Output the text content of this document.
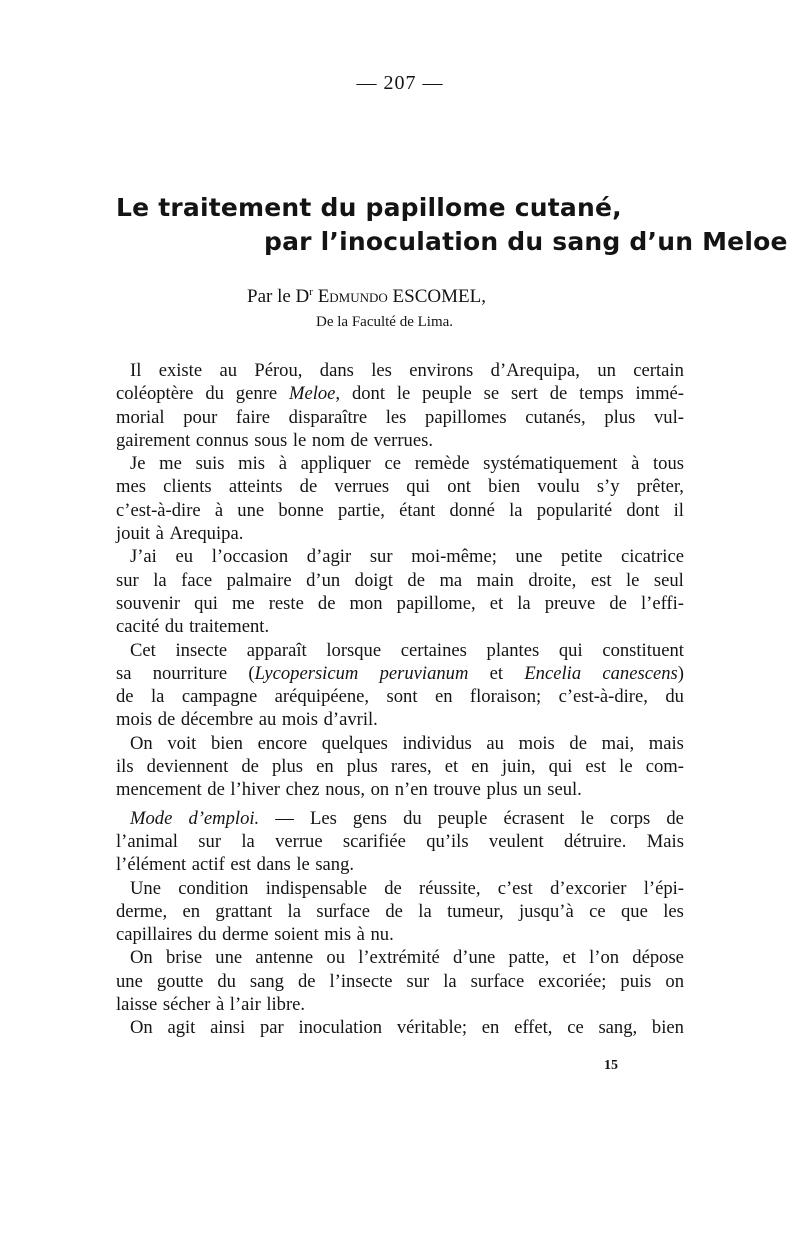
— 207 —
Le traitement du papillome cutané,
par l’inoculation du sang d’un Meloe
Par le $D^r$ Edmundo ESCOMEL,
De la Faculté de Lima.
Il existe au Pérou, dans les environs d’Arequipa, un certain
coléoptère du genre Meloe, dont le peuple se sert de temps immé-
morial pour faire disparaître les papillomes cutanés, plus vul-
gairement connus sous le nom de verrues.
Je me suis mis à appliquer ce remède systématiquement à tous
mes clients atteints de verrues qui ont bien voulu s’y prêter,
c’est-à-dire à une bonne partie, étant donné la popularité dont il
jouit à Arequipa.
J’ai eu l’occasion d’agir sur moi-même; une petite cicatrice
sur la face palmaire d’un doigt de ma main droite, est le seul
souvenir qui me reste de mon papillome, et la preuve de l’effi-
cacité du traitement.
Cet insecte apparaît lorsque certaines plantes qui constituent
sa nourriture (Lycopersicum peruvianum et Encelia canescens)
de la campagne aréquipéene, sont en floraison; c’est-à-dire, du
mois de décembre au mois d’avril.
On voit bien encore quelques individus au mois de mai, mais
ils deviennent de plus en plus rares, et en juin, qui est le com-
mencement de l’hiver chez nous, on n’en trouve plus un seul.
Mode d’emploi. — Les gens du peuple écrasent le corps de
l’animal sur la verrue scarifiée qu’ils veulent détruire. Mais
l’élément actif est dans le sang.
Une condition indispensable de réussite, c’est d’excorier l’épi-
derme, en grattant la surface de la tumeur, jusqu’à ce que les
capillaires du derme soient mis à nu.
On brise une antenne ou l’extrémité d’une patte, et l’on dépose
une goutte du sang de l’insecte sur la surface excoriée; puis on
laisse sécher à l’air libre.
On agit ainsi par inoculation véritable; en effet, ce sang, bien
15
